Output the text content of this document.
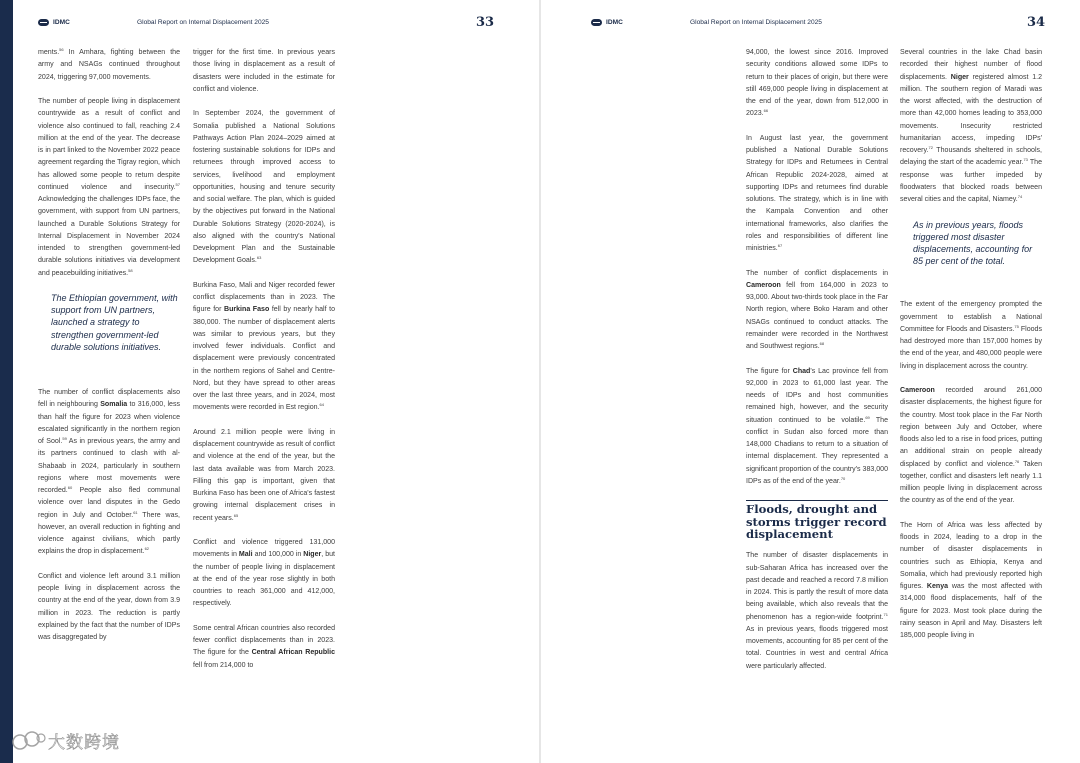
IDMC	Global Report on Internal Displacement 2025	33	IDMC	Global Report on Internal Displacement 2025	34

ments.$^{56}$ In Amhara, fighting between the army and NSAGs continued throughout 2024, triggering 97,000 movements.

The number of people living in displacement countrywide as a result of conflict and violence also continued to fall, reaching 2.4 million at the end of the year. The decrease is in part linked to the November 2022 peace agreement regarding the Tigray region, which has allowed some people to return despite continued violence and insecurity.$^{57}$ Acknowledging the challenges IDPs face, the government, with support from UN partners, launched a Durable Solutions Strategy for Internal Displacement in November 2024 intended to strengthen government-led durable solutions initiatives via development and peacebuilding initiatives.$^{58}$

The Ethiopian government, with support from UN partners, launched a strategy to strengthen government-led durable solutions initiatives.

The number of conflict displacements also fell in neighbouring Somalia to 316,000, less than half the figure for 2023 when violence escalated significantly in the northern region of Sool.$^{59}$ As in previous years, the army and its partners continued to clash with al-Shabaab in 2024, particularly in southern regions where most movements were recorded.$^{60}$ People also fled communal violence over land disputes in the Gedo region in July and October.$^{61}$ There was, however, an overall reduction in fighting and violence against civilians, which partly explains the drop in displacement.$^{62}$

Conflict and violence left around 3.1 million people living in displacement across the country at the end of the year, down from 3.9 million in 2023. The reduction is partly explained by the fact that the number of IDPs was disaggregated by

trigger for the first time. In previous years those living in displacement as a result of disasters were included in the estimate for conflict and violence.

In September 2024, the government of Somalia published a National Solutions Pathways Action Plan 2024–2029 aimed at fostering sustainable solutions for IDPs and returnees through improved access to services, livelihood and employment opportunities, housing and tenure security and social welfare. The plan, which is guided by the objectives put forward in the National Durable Solutions Strategy (2020-2024), is also aligned with the country's National Development Plan and the Sustainable Development Goals.$^{63}$

Burkina Faso, Mali and Niger recorded fewer conflict displacements than in 2023. The figure for Burkina Faso fell by nearly half to 380,000. The number of displacement alerts was similar to previous years, but they involved fewer individuals. Conflict and displacement were previously concentrated in the northern regions of Sahel and Centre-Nord, but they have spread to other areas over the last three years, and in 2024, most movements were recorded in Est region.$^{64}$

Around 2.1 million people were living in displacement countrywide as result of conflict and violence at the end of the year, but the last data available was from March 2023. Filling this gap is important, given that Burkina Faso has been one of Africa's fastest growing internal displacement crises in recent years.$^{65}$

Conflict and violence triggered 131,000 movements in Mali and 100,000 in Niger, but the number of people living in displacement at the end of the year rose slightly in both countries to reach 361,000 and 412,000, respectively.

Some central African countries also recorded fewer conflict displacements than in 2023. The figure for the Central African Republic fell from 214,000 to

94,000, the lowest since 2016. Improved security conditions allowed some IDPs to return to their places of origin, but there were still 469,000 people living in displacement at the end of the year, down from 512,000 in 2023.66

In August last year, the government published a National Durable Solutions Strategy for IDPs and Returnees in Central African Republic 2024-2028, aimed at supporting IDPs and returnees find durable solutions. The strategy, which is in line with the Kampala Convention and other international frameworks, also clarifies the roles and responsibilities of different line ministries.$^{67}$

The number of conflict displacements in Cameroon fell from 164,000 in 2023 to 93,000. About two-thirds took place in the Far North region, where Boko Haram and other NSAGs continued to conduct attacks. The remainder were recorded in the Northwest and Southwest regions.$^{68}$

The figure for Chad's Lac province fell from 92,000 in 2023 to 61,000 last year. The needs of IDPs and host communities remained high, however, and the security situation continued to be volatile.$^{69}$ The conflict in Sudan also forced more than 148,000 Chadians to return to a situation of internal displacement. They represented a significant proportion of the country's 383,000 IDPs as of the end of the year.$^{70}$

Floods, drought and storms trigger record displacement

The number of disaster displacements in sub-Saharan Africa has increased over the past decade and reached a record 7.8 million in 2024. This is partly the result of more data being available, which also reveals that the phenomenon has a region-wide footprint.$^{71}$ As in previous years, floods triggered most movements, accounting for 85 per cent of the total. Countries in west and central Africa were particularly affected.

Several countries in the lake Chad basin recorded their highest number of flood displacements. Niger registered almost 1.2 million. The southern region of Maradi was the worst affected, with the destruction of more than 42,000 homes leading to 353,000 movements. Insecurity restricted humanitarian access, impeding IDPs' recovery.$^{72}$ Thousands sheltered in schools, delaying the start of the academic year.$^{73}$ The response was further impeded by floodwaters that blocked roads between several cities and the capital, Niamey.$^{74}$

As in previous years, floods triggered most disaster displacements, accounting for 85 per cent of the total.

The extent of the emergency prompted the government to establish a National Committee for Floods and Disasters.$^{75}$ Floods had destroyed more than 157,000 homes by the end of the year, and 480,000 people were living in displacement across the country.

Cameroon recorded around 261,000 disaster displacements, the highest figure for the country. Most took place in the Far North region between July and October, where floods also led to a rise in food prices, putting an additional strain on people already displaced by conflict and violence.$^{76}$ Taken together, conflict and disasters left nearly 1.1 million people living in displacement across the country as of the end of the year.

The Horn of Africa was less affected by floods in 2024, leading to a drop in the number of disaster displacements in countries such as Ethiopia, Kenya and Somalia, which had previously reported high figures. Kenya was the most affected with 314,000 flood displacements, half of the figure for 2023. Most took place during the rainy season in April and May. Disasters left 185,000 people living in

大数跨境
